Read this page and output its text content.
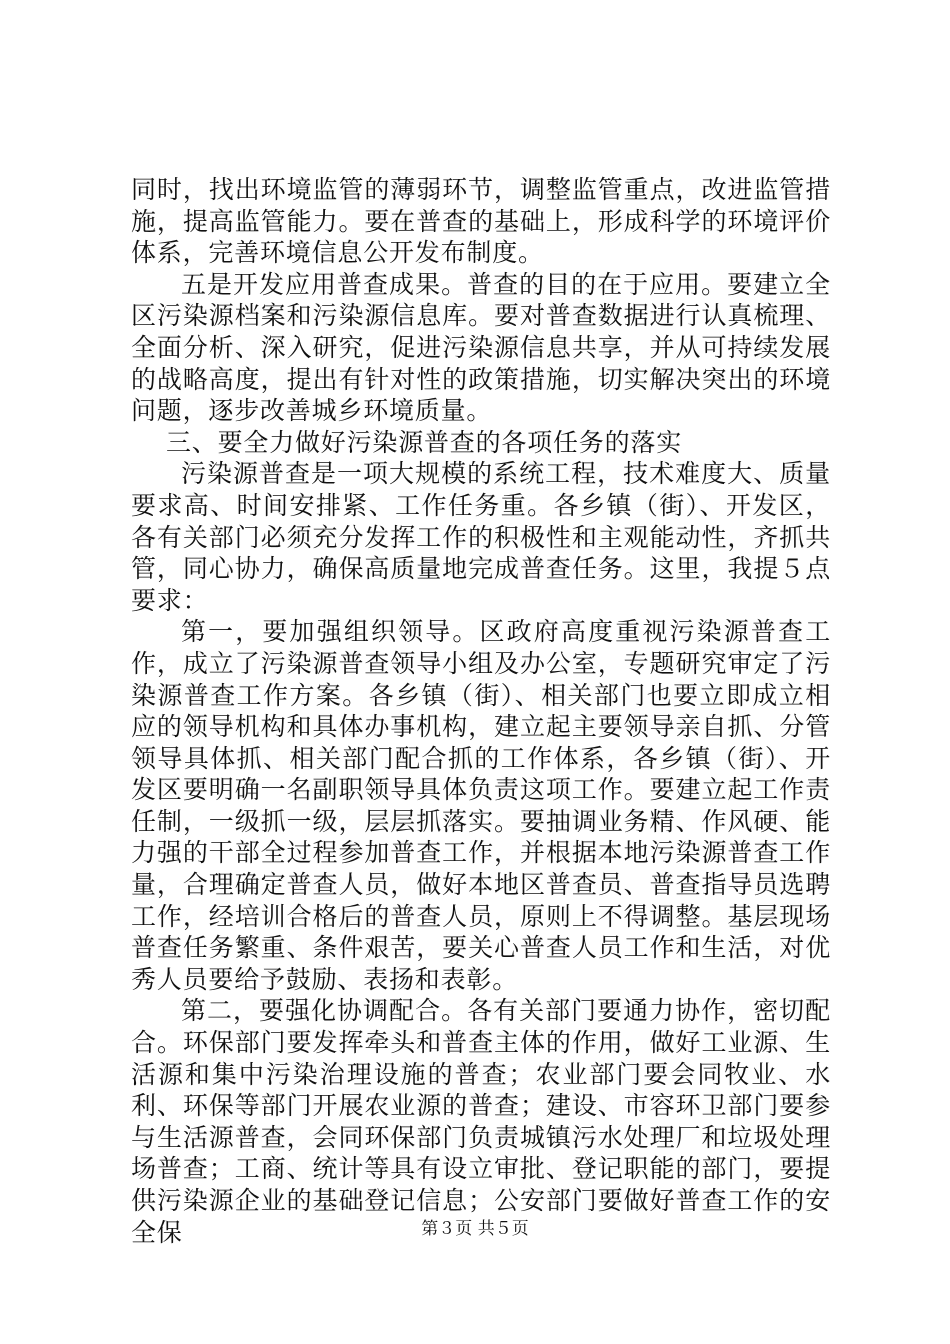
同时，找出环境监管的薄弱环节，调整监管重点，改进监管措施，提高监管能力。要在普查的基础上，形成科学的环境评价体系，完善环境信息公开发布制度。

五是开发应用普查成果。普查的目的在于应用。要建立全区污染源档案和污染源信息库。要对普查数据进行认真梳理、全面分析、深入研究，促进污染源信息共享，并从可持续发展的战略高度，提出有针对性的政策措施，切实解决突出的环境问题，逐步改善城乡环境质量。

三、要全力做好污染源普查的各项任务的落实

污染源普查是一项大规模的系统工程，技术难度大、质量要求高、时间安排紧、工作任务重。各乡镇（街）、开发区，各有关部门必须充分发挥工作的积极性和主观能动性，齐抓共管，同心协力，确保高质量地完成普查任务。这里，我提５点要求：

第一，要加强组织领导。区政府高度重视污染源普查工作，成立了污染源普查领导小组及办公室，专题研究审定了污染源普查工作方案。各乡镇（街）、相关部门也要立即成立相应的领导机构和具体办事机构，建立起主要领导亲自抓、分管领导具体抓、相关部门配合抓的工作体系，各乡镇（街）、开发区要明确一名副职领导具体负责这项工作。要建立起工作责任制，一级抓一级，层层抓落实。要抽调业务精、作风硬、能力强的干部全过程参加普查工作，并根据本地污染源普查工作量，合理确定普查人员，做好本地区普查员、普查指导员选聘工作，经培训合格后的普查人员，原则上不得调整。基层现场普查任务繁重、条件艰苦，要关心普查人员工作和生活，对优秀人员要给予鼓励、表扬和表彰。

第二，要强化协调配合。各有关部门要通力协作，密切配合。环保部门要发挥牵头和普查主体的作用，做好工业源、生活源和集中污染治理设施的普查；农业部门要会同牧业、水利、环保等部门开展农业源的普查；建设、市容环卫部门要参与生活源普查，会同环保部门负责城镇污水处理厂和垃圾处理场普查；工商、统计等具有设立审批、登记职能的部门，要提供污染源企业的基础登记信息；公安部门要做好普查工作的安全保	第３页 共５页
